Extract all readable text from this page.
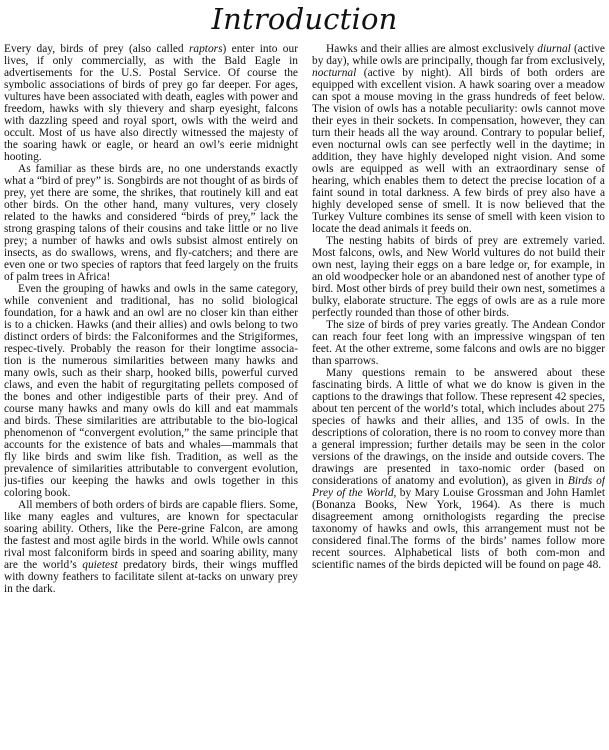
Introduction

Every day, birds of prey (also called raptors) enter into our lives, if only commercially, as with the Bald Eagle in advertisements for the U.S. Postal Service. Of course the symbolic associations of birds of prey go far deeper. For ages, vultures have been associated with death, eagles with power and freedom, hawks with sly thievery and sharp eyesight, falcons with dazzling speed and royal sport, owls with the weird and occult. Most of us have also directly witnessed the majesty of the soaring hawk or eagle, or heard an owl’s eerie midnight hooting.

As familiar as these birds are, no one understands exactly what a “bird of prey” is. Songbirds are not thought of as birds of prey, yet there are some, the shrikes, that routinely kill and eat other birds. On the other hand, many vultures, very closely related to the hawks and considered “birds of prey,” lack the strong grasping talons of their cousins and take little or no live prey; a number of hawks and owls subsist almost entirely on insects, as do swallows, wrens, and fly-catchers; and there are even one or two species of raptors that feed largely on the fruits of palm trees in Africa!

Even the grouping of hawks and owls in the same category, while convenient and traditional, has no solid biological foundation, for a hawk and an owl are no closer kin than either is to a chicken. Hawks (and their allies) and owls belong to two distinct orders of birds: the Falconiformes and the Strigiformes, respec-tively. Probably the reason for their longtime associa-tion is the numerous similarities between many hawks and many owls, such as their sharp, hooked bills, powerful curved claws, and even the habit of regurgitating pellets composed of the bones and other indigestible parts of their prey. And of course many hawks and many owls do kill and eat mammals and birds. These similarities are attributable to the bio-logical phenomenon of “convergent evolution,” the same principle that accounts for the existence of bats and whales—mammals that fly like birds and swim like fish. Tradition, as well as the prevalence of similarities attributable to convergent evolution, jus-tifies our keeping the hawks and owls together in this coloring book.

All members of both orders of birds are capable fliers. Some, like many eagles and vultures, are known for spectacular soaring ability. Others, like the Pere-grine Falcon, are among the fastest and most agile birds in the world. While owls cannot rival most falconiform birds in speed and soaring ability, many are the world’s quietest predatory birds, their wings muffled with downy feathers to facilitate silent at-tacks on unwary prey in the dark.

Hawks and their allies are almost exclusively diurnal (active by day), while owls are principally, though far from exclusively, nocturnal (active by night). All birds of both orders are equipped with excellent vision. A hawk soaring over a meadow can spot a mouse moving in the grass hundreds of feet below. The vision of owls has a notable peculiarity: owls cannot move their eyes in their sockets. In compensation, however, they can turn their heads all the way around. Contrary to popular belief, even nocturnal owls can see perfectly well in the daytime; in addition, they have highly developed night vision. And some owls are equipped as well with an extraordinary sense of hearing, which enables them to detect the precise location of a faint sound in total darkness. A few birds of prey also have a highly developed sense of smell. It is now believed that the Turkey Vulture combines its sense of smell with keen vision to locate the dead animals it feeds on.

The nesting habits of birds of prey are extremely varied. Most falcons, owls, and New World vultures do not build their own nest, laying their eggs on a bare ledge or, for example, in an old woodpecker hole or an abandoned nest of another type of bird. Most other birds of prey build their own nest, sometimes a bulky, elaborate structure. The eggs of owls are as a rule more perfectly rounded than those of other birds.

The size of birds of prey varies greatly. The Andean Condor can reach four feet long with an impressive wingspan of ten feet. At the other extreme, some falcons and owls are no bigger than sparrows.

Many questions remain to be answered about these fascinating birds. A little of what we do know is given in the captions to the drawings that follow. These represent 42 species, about ten percent of the world’s total, which includes about 275 species of hawks and their allies, and 135 of owls. In the descriptions of coloration, there is no room to convey more than a general impression; further details may be seen in the color versions of the drawings, on the inside and outside covers. The drawings are presented in taxo-nomic order (based on considerations of anatomy and evolution), as given in Birds of Prey of the World, by Mary Louise Grossman and John Hamlet (Bonanza Books, New York, 1964). As there is much disagreement among ornithologists regarding the precise taxonomy of hawks and owls, this arrangement must not be considered final.The forms of the birds’ names follow more recent sources. Alphabetical lists of both com-mon and scientific names of the birds depicted will be found on page 48.
